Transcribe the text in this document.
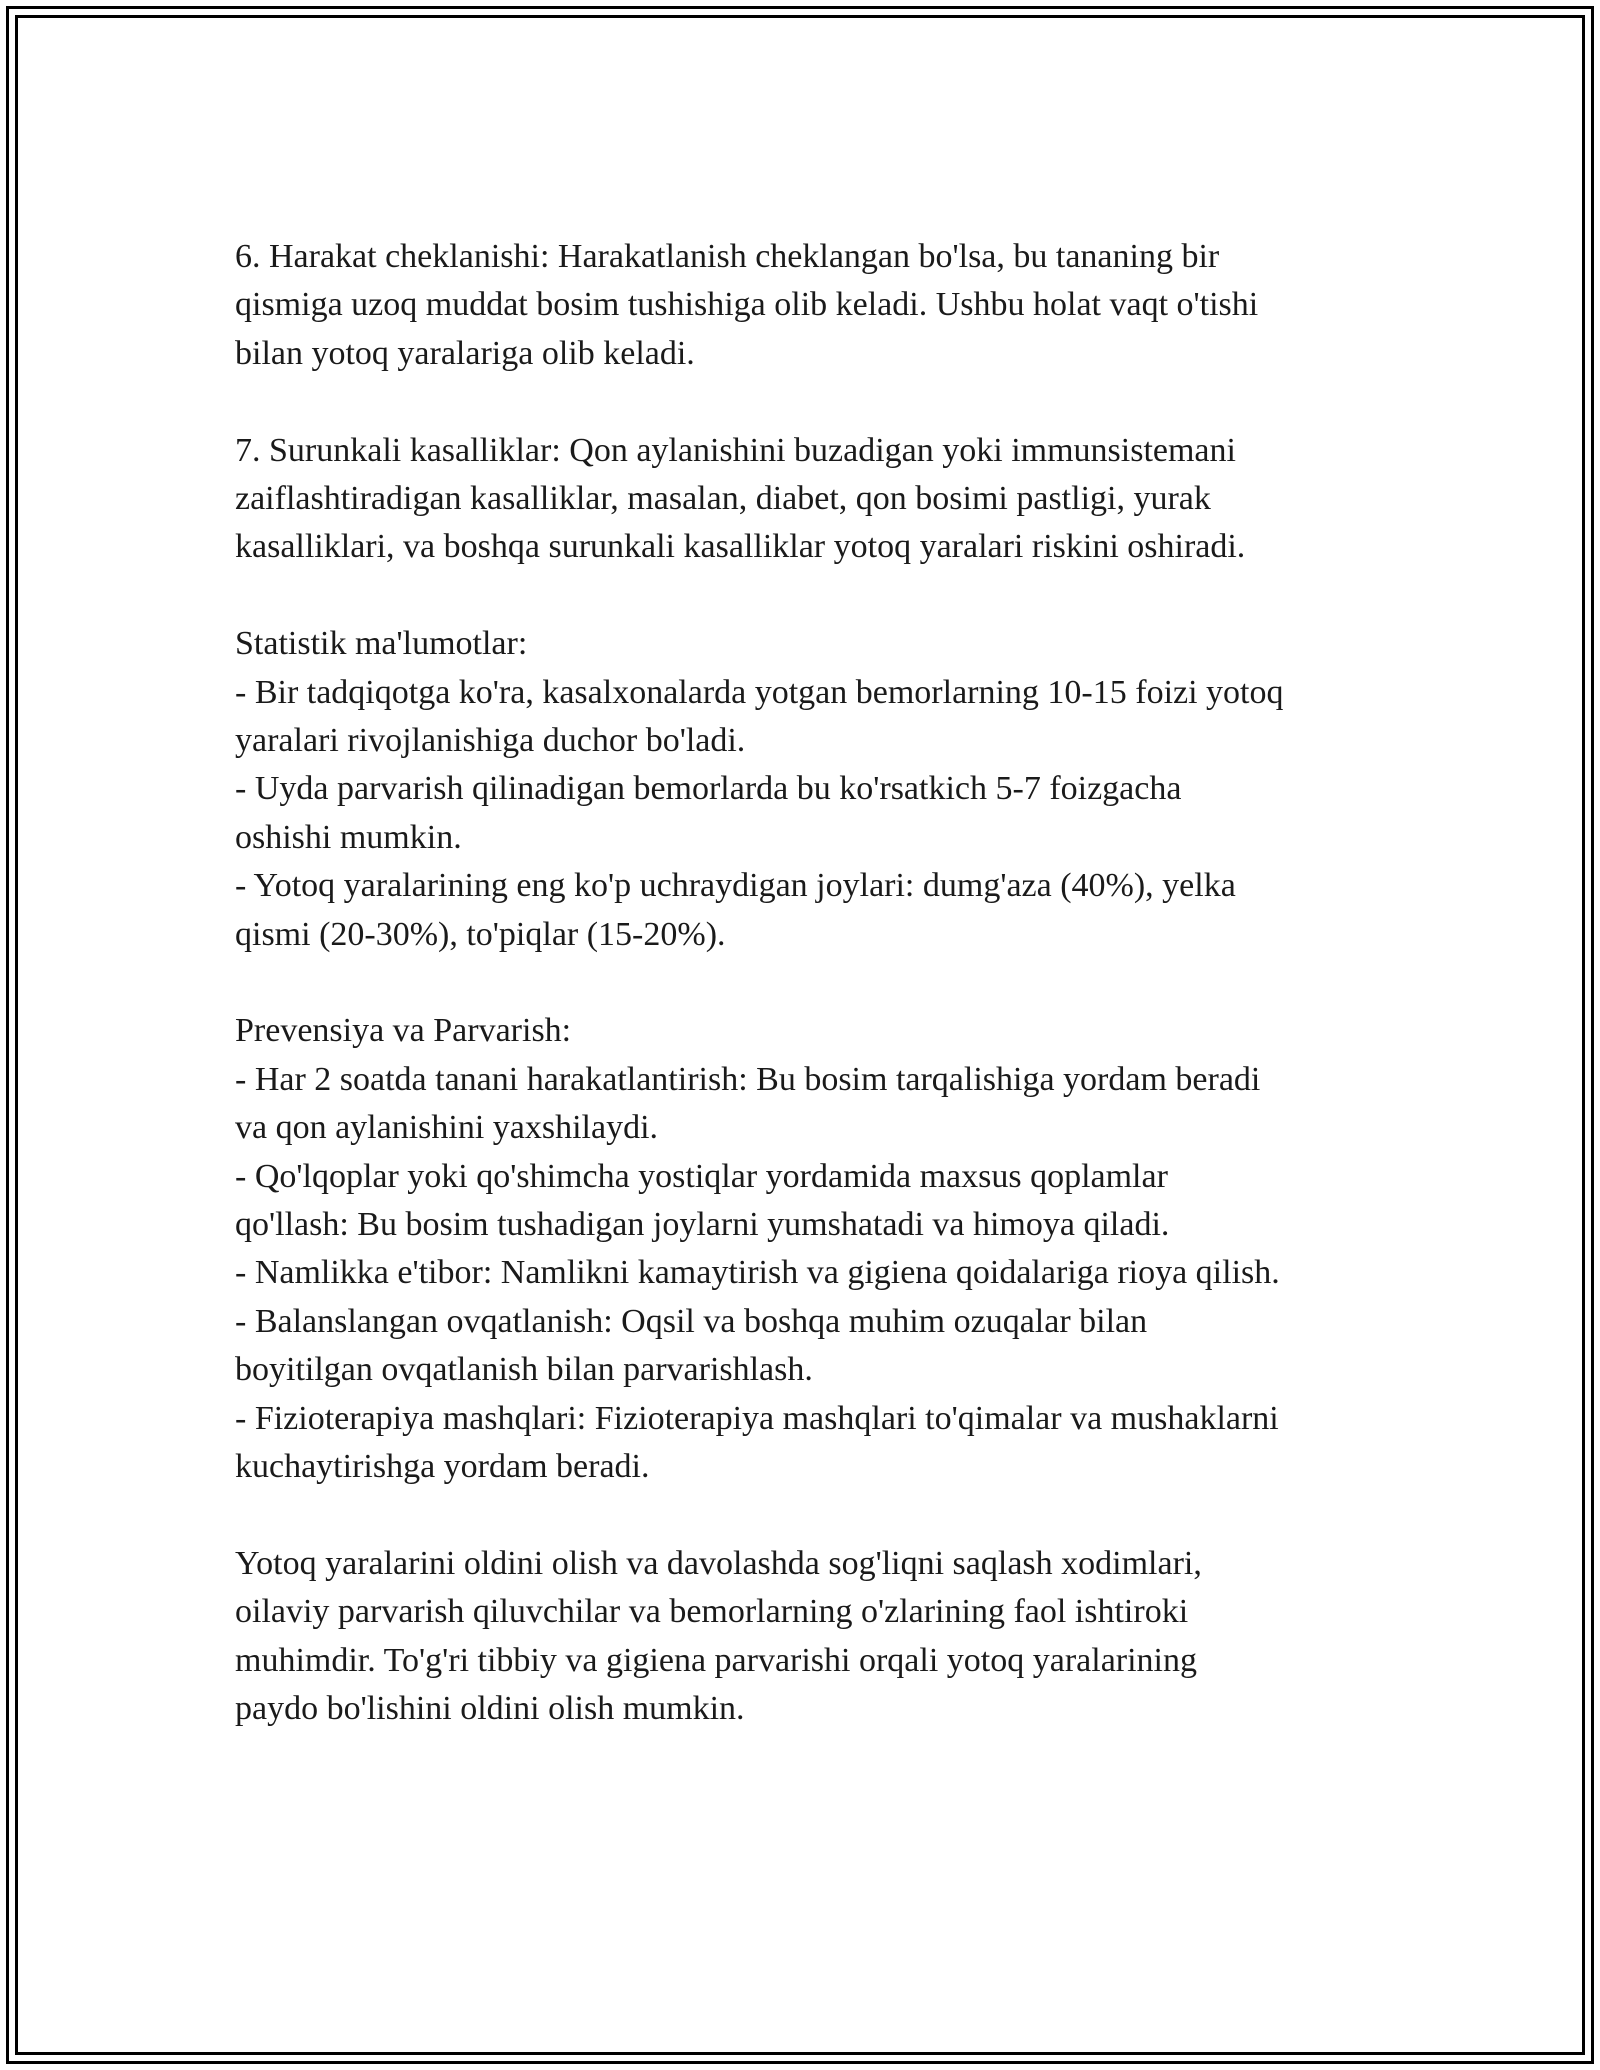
6. Harakat cheklanishi: Harakatlanish cheklangan bo'lsa, bu tananing bir

qismiga uzoq muddat bosim tushishiga olib keladi. Ushbu holat vaqt o'tishi

bilan yotoq yaralariga olib keladi.

7. Surunkali kasalliklar: Qon aylanishini buzadigan yoki immunsistemani

zaiflashtiradigan kasalliklar, masalan, diabet, qon bosimi pastligi, yurak

kasalliklari, va boshqa surunkali kasalliklar yotoq yaralari riskini oshiradi.

Statistik ma'lumotlar:

- Bir tadqiqotga ko'ra, kasalxonalarda yotgan bemorlarning 10-15 foizi yotoq

yaralari rivojlanishiga duchor bo'ladi.

- Uyda parvarish qilinadigan bemorlarda bu ko'rsatkich 5-7 foizgacha

oshishi mumkin.

- Yotoq yaralarining eng ko'p uchraydigan joylari: dumg'aza (40%), yelka

qismi (20-30%), to'piqlar (15-20%).

Prevensiya va Parvarish:

- Har 2 soatda tanani harakatlantirish: Bu bosim tarqalishiga yordam beradi

va qon aylanishini yaxshilaydi.

- Qo'lqoplar yoki qo'shimcha yostiqlar yordamida maxsus qoplamlar

qo'llash: Bu bosim tushadigan joylarni yumshatadi va himoya qiladi.

- Namlikka e'tibor: Namlikni kamaytirish va gigiena qoidalariga rioya qilish.

- Balanslangan ovqatlanish: Oqsil va boshqa muhim ozuqalar bilan

boyitilgan ovqatlanish bilan parvarishlash.

- Fizioterapiya mashqlari: Fizioterapiya mashqlari to'qimalar va mushaklarni

kuchaytirishga yordam beradi.

Yotoq yaralarini oldini olish va davolashda sog'liqni saqlash xodimlari,

oilaviy parvarish qiluvchilar va bemorlarning o'zlarining faol ishtiroki

muhimdir. To'g'ri tibbiy va gigiena parvarishi orqali yotoq yaralarining

paydo bo'lishini oldini olish mumkin.
